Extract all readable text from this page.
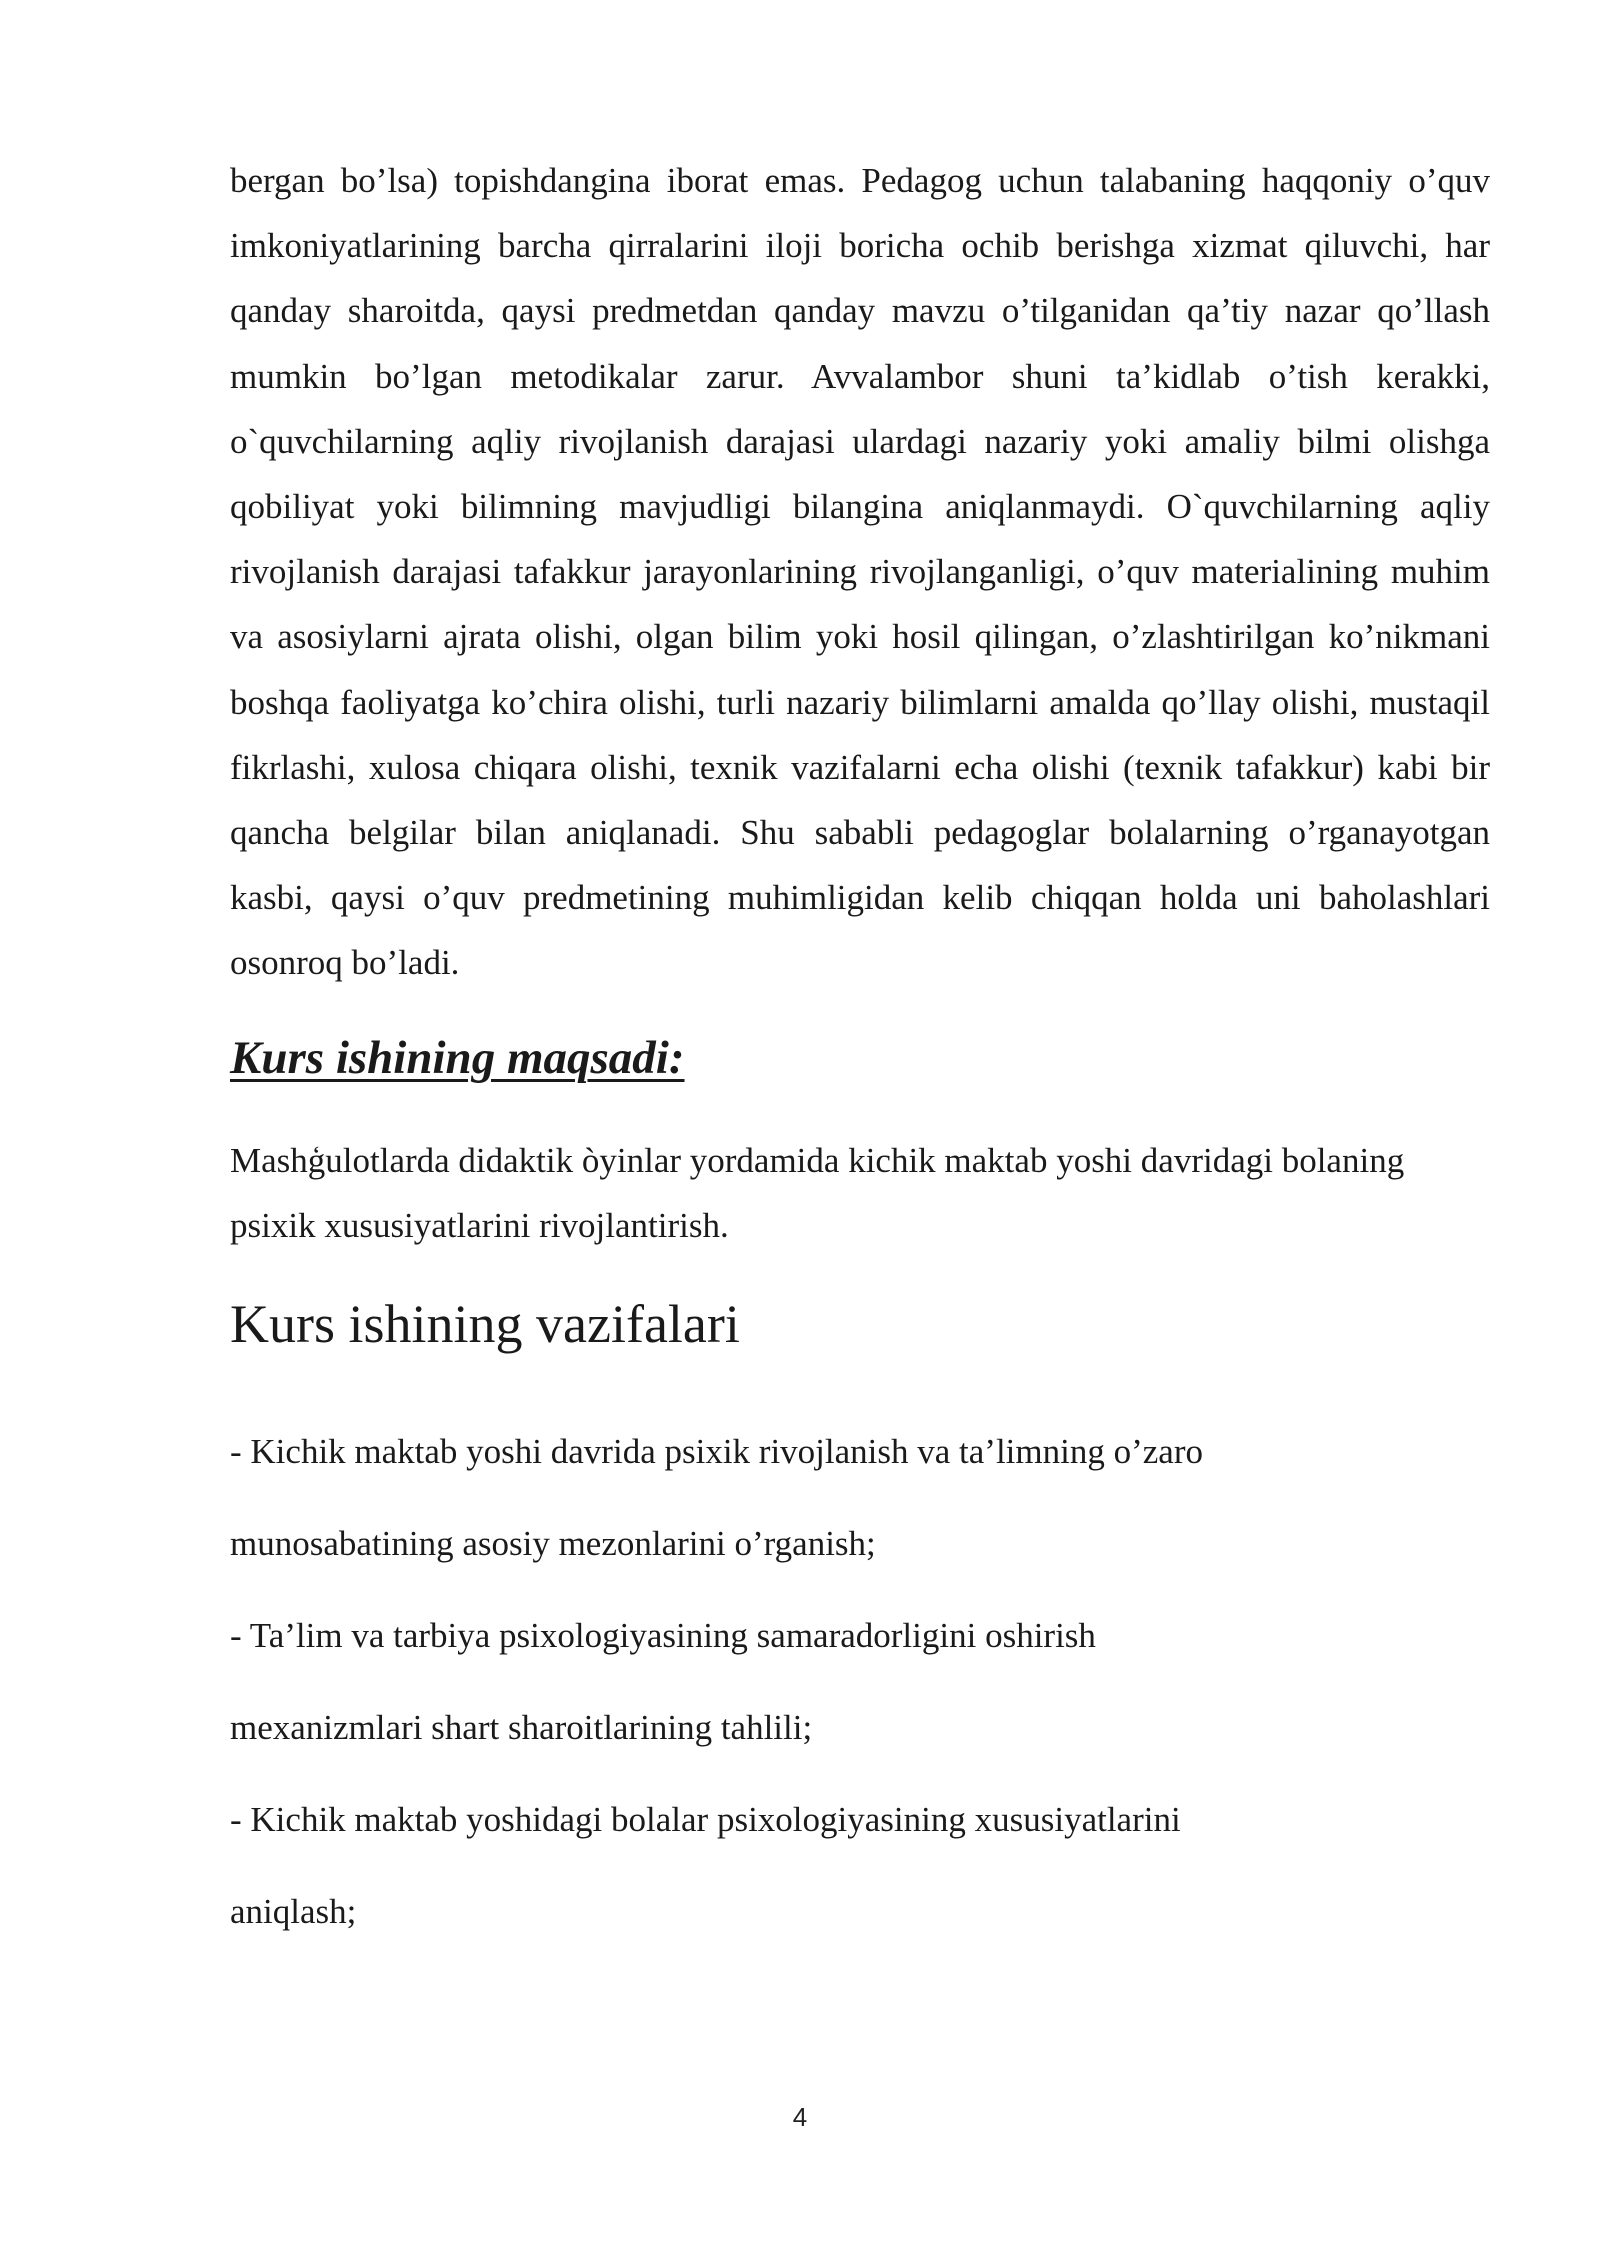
bergan bo’lsa) topishdangina iborat emas. Pedagog uchun talabaning haqqoniy o’quv imkoniyatlarining barcha qirralarini iloji boricha ochib berishga xizmat qiluvchi, har qanday sharoitda, qaysi predmetdan qanday mavzu o’tilganidan qa’tiy nazar qo’llash mumkin bo’lgan metodikalar zarur. Avvalambor shuni ta’kidlab o’tish kerakki, o`quvchilarning aqliy rivojlanish darajasi ulardagi nazariy yoki amaliy bilmi olishga qobiliyat yoki bilimning mavjudligi bilangina aniqlanmaydi. O`quvchilarning aqliy rivojlanish darajasi tafakkur jarayonlarining rivojlanganligi, o’quv materialining muhim va asosiylarni ajrata olishi, olgan bilim yoki hosil qilingan, o’zlashtirilgan ko’nikmani boshqa faoliyatga ko’chira olishi, turli nazariy bilimlarni amalda qo’llay olishi, mustaqil fikrlashi, xulosa chiqara olishi, texnik vazifalarni echa olishi (texnik tafakkur) kabi bir qancha belgilar bilan aniqlanadi. Shu sababli pedagoglar bolalarning o’rganayotgan kasbi, qaysi o’quv predmetining muhimligidan kelib chiqqan holda uni baholashlari osonroq bo’ladi.

Kurs ishining maqsadi:

Mashģulotlarda didaktik òyinlar yordamida kichik maktab yoshi davridagi bolaning psixik xususiyatlarini rivojlantirish.

Kurs ishining vazifalari

- Kichik maktab yoshi davrida psixik rivojlanish va ta’limning o’zaro

munosabatining asosiy mezonlarini o’rganish;

- Ta’lim va tarbiya psixologiyasining samaradorligini oshirish

mexanizmlari shart sharoitlarining tahlili;

- Kichik maktab yoshidagi bolalar psixologiyasining xususiyatlarini

aniqlash;

4
